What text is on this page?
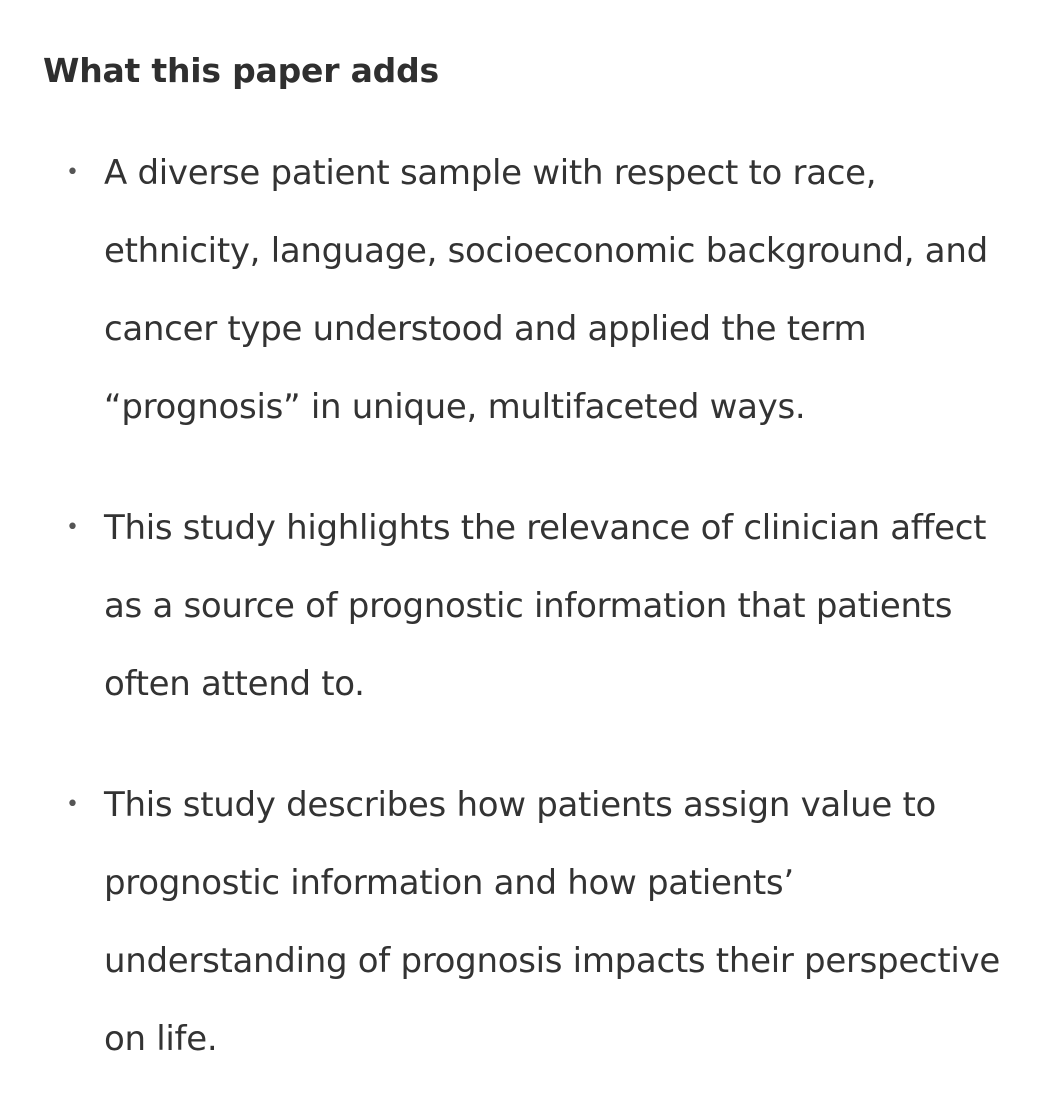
What this paper adds
• A diverse patient sample with respect to race, ethnicity, language, socioeconomic background, and cancer type understood and applied the term “prognosis” in unique, multifaceted ways.

• This study highlights the relevance of clinician affect as a source of prognostic information that patients often attend to.

• This study describes how patients assign value to prognostic information and how patients’ understanding of prognosis impacts their perspective on life.
